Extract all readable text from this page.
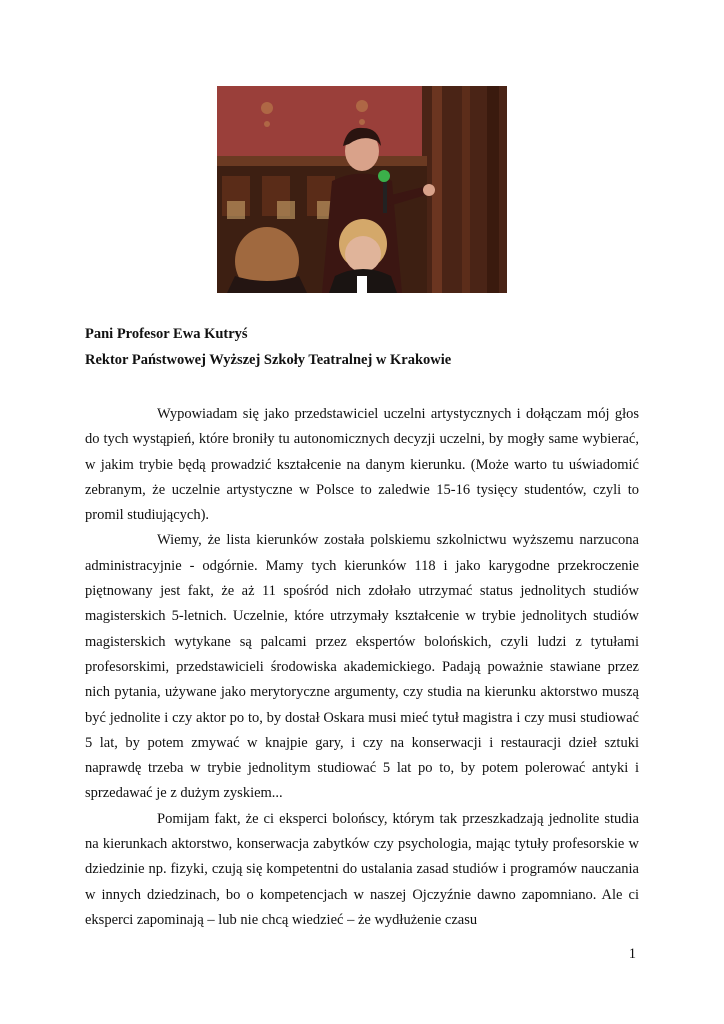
Pani Profesor Ewa Kutryś
Rektor Państwowej Wyższej Szkoły Teatralnej w Krakowie

Wypowiadam się jako przedstawiciel uczelni artystycznych i dołączam mój głos do tych wystąpień, które broniły tu autonomicznych decyzji uczelni, by mogły same wybierać, w jakim trybie będą prowadzić kształcenie na danym kierunku. (Może warto tu uświadomić zebranym, że uczelnie artystyczne w Polsce to zaledwie 15-16 tysięcy studentów, czyli to promil studiujących).

Wiemy, że lista kierunków została polskiemu szkolnictwu wyższemu narzucona administracyjnie - odgórnie. Mamy tych kierunków 118 i jako karygodne przekroczenie piętnowany jest fakt, że aż 11 spośród nich zdołało utrzymać status jednolitych studiów magisterskich 5-letnich. Uczelnie, które utrzymały kształcenie w trybie jednolitych studiów magisterskich wytykane są palcami przez ekspertów bolońskich, czyli ludzi z tytułami profesorskimi, przedstawicieli środowiska akademickiego. Padają poważnie stawiane przez nich pytania, używane jako merytoryczne argumenty, czy studia na kierunku aktorstwo muszą być jednolite i czy aktor po to, by dostał Oskara musi mieć tytuł magistra i czy musi studiować 5 lat, by potem zmywać w knajpie gary, i czy na konserwacji i restauracji dzieł sztuki naprawdę trzeba w trybie jednolitym studiować 5 lat po to, by potem polerować antyki i sprzedawać je z dużym zyskiem...

Pomijam fakt, że ci eksperci bolońscy, którym tak przeszkadzają jednolite studia na kierunkach aktorstwo, konserwacja zabytków czy psychologia, mając tytuły profesorskie w dziedzinie np. fizyki, czują się kompetentni do ustalania zasad studiów i programów nauczania w innych dziedzinach, bo o kompetencjach w naszej Ojczyźnie dawno zapomniano. Ale ci eksperci zapominają – lub nie chcą wiedzieć – że wydłużenie czasu

1
